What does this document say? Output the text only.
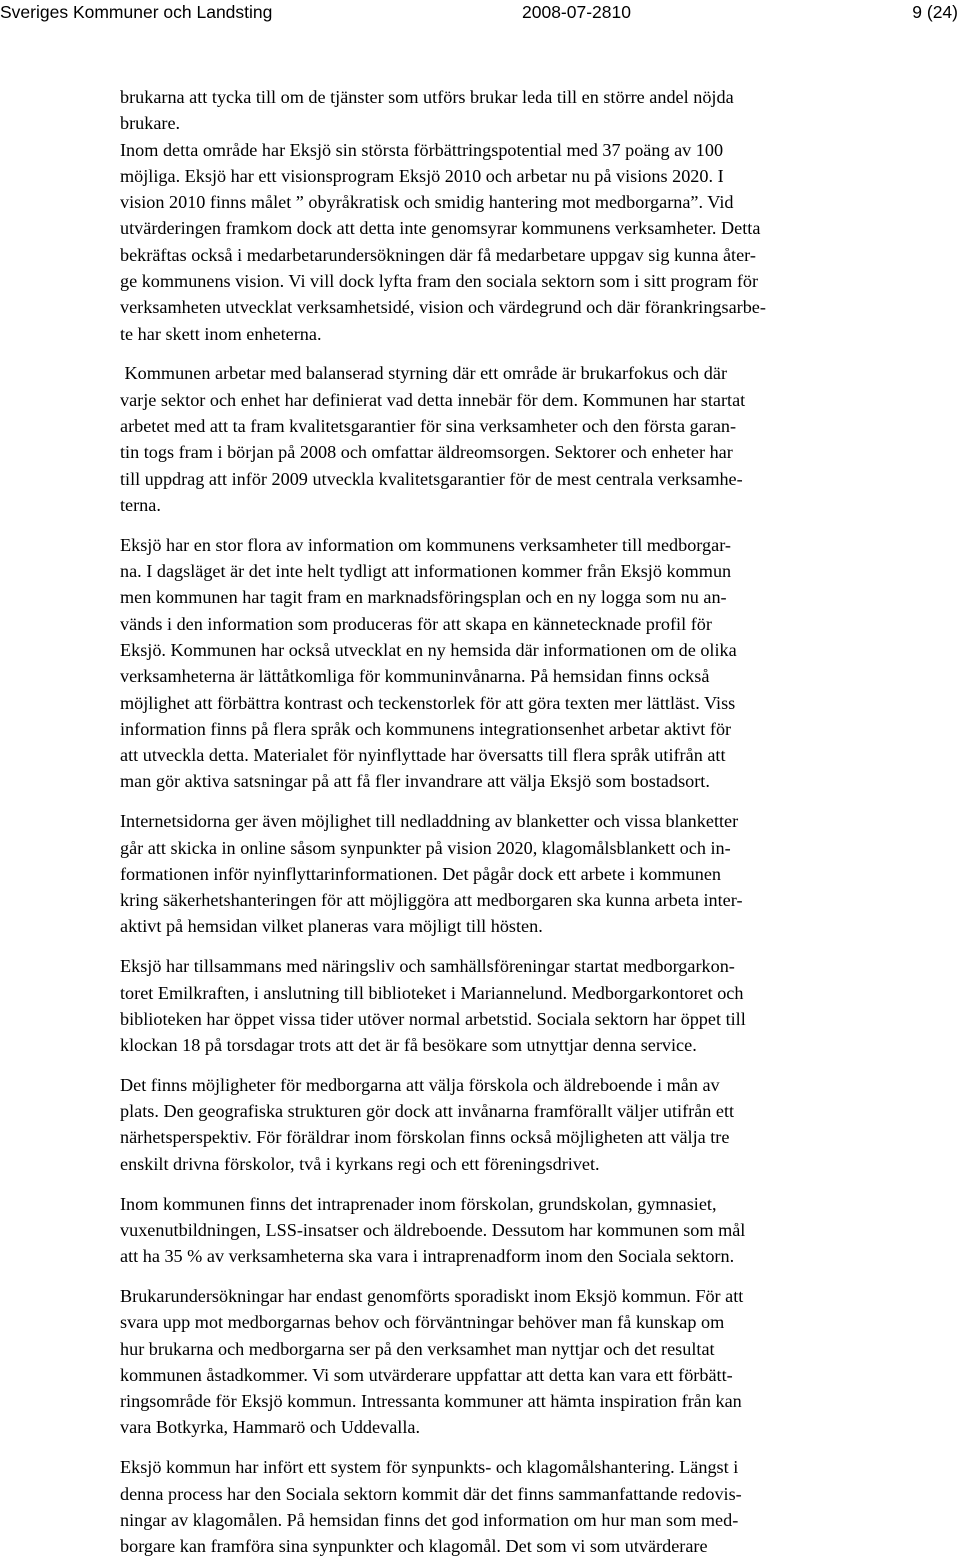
Sveriges Kommuner och Landsting	2008-07-2810	9 (24)
brukarna att tycka till om de tjänster som utförs brukar leda till en större andel nöjda
brukare.
Inom detta område har Eksjö sin största förbättringspotential med 37 poäng av 100
möjliga. Eksjö har ett visionsprogram Eksjö 2010 och arbetar nu på visions 2020. I
vision 2010 finns målet ” obyråkratisk och smidig hantering mot medborgarna”. Vid
utvärderingen framkom dock att detta inte genomsyrar kommunens verksamheter. Detta
bekräftas också i medarbetarundersökningen där få medarbetare uppgav sig kunna åter-
ge kommunens vision. Vi vill dock lyfta fram den sociala sektorn som i sitt program för
verksamheten utvecklat verksamhetsidé, vision och värdegrund och där förankringsarbe-
te har skett inom enheterna.
Kommunen arbetar med balanserad styrning där ett område är brukarfokus och där
varje sektor och enhet har definierat vad detta innebär för dem. Kommunen har startat
arbetet med att ta fram kvalitetsgarantier för sina verksamheter och den första garan-
tin togs fram i början på 2008 och omfattar äldreomsorgen. Sektorer och enheter har
till uppdrag att inför 2009 utveckla kvalitetsgarantier för de mest centrala verksamhe-
terna.
Eksjö har en stor flora av information om kommunens verksamheter till medborgar-
na. I dagsläget är det inte helt tydligt att informationen kommer från Eksjö kommun
men kommunen har tagit fram en marknadsföringsplan och en ny logga som nu an-
vänds i den information som produceras för att skapa en kännetecknade profil för
Eksjö. Kommunen har också utvecklat en ny hemsida där informationen om de olika
verksamheterna är lättåtkomliga för kommuninvånarna. På hemsidan finns också
möjlighet att förbättra kontrast och teckenstorlek för att göra texten mer lättläst. Viss
information finns på flera språk och kommunens integrationsenhet arbetar aktivt för
att utveckla detta. Materialet för nyinflyttade har översatts till flera språk utifrån att
man gör aktiva satsningar på att få fler invandrare att välja Eksjö som bostadsort.
Internetsidorna ger även möjlighet till nedladdning av blanketter och vissa blanketter
går att skicka in online såsom synpunkter på vision 2020, klagomålsblankett och in-
formationen inför nyinflyttarinformationen. Det pågår dock ett arbete i kommunen
kring säkerhetshanteringen för att möjliggöra att medborgaren ska kunna arbeta inter-
aktivt på hemsidan vilket planeras vara möjligt till hösten.
Eksjö har tillsammans med näringsliv och samhällsföreningar startat medborgarkon-
toret Emilkraften, i anslutning till biblioteket i Mariannelund. Medborgarkontoret och
biblioteken har öppet vissa tider utöver normal arbetstid. Sociala sektorn har öppet till
klockan 18 på torsdagar trots att det är få besökare som utnyttjar denna service.
Det finns möjligheter för medborgarna att välja förskola och äldreboende i mån av
plats. Den geografiska strukturen gör dock att invånarna framförallt väljer utifrån ett
närhetsperspektiv. För föräldrar inom förskolan finns också möjligheten att välja tre
enskilt drivna förskolor, två i kyrkans regi och ett föreningsdrivet.
Inom kommunen finns det intraprenader inom förskolan, grundskolan, gymnasiet,
vuxenutbildningen, LSS-insatser och äldreboende. Dessutom har kommunen som mål
att ha 35 % av verksamheterna ska vara i intraprenadform inom den Sociala sektorn.
Brukarundersökningar har endast genomförts sporadiskt inom Eksjö kommun. För att
svara upp mot medborgarnas behov och förväntningar behöver man få kunskap om
hur brukarna och medborgarna ser på den verksamhet man nyttjar och det resultat
kommunen åstadkommer. Vi som utvärderare uppfattar att detta kan vara ett förbätt-
ringsområde för Eksjö kommun. Intressanta kommuner att hämta inspiration från kan
vara Botkyrka, Hammarö och Uddevalla.
Eksjö kommun har infört ett system för synpunkts- och klagomålshantering. Längst i
denna process har den Sociala sektorn kommit där det finns sammanfattande redovis-
ningar av klagomålen. På hemsidan finns det god information om hur man som med-
borgare kan framföra sina synpunkter och klagomål. Det som vi som utvärderare
